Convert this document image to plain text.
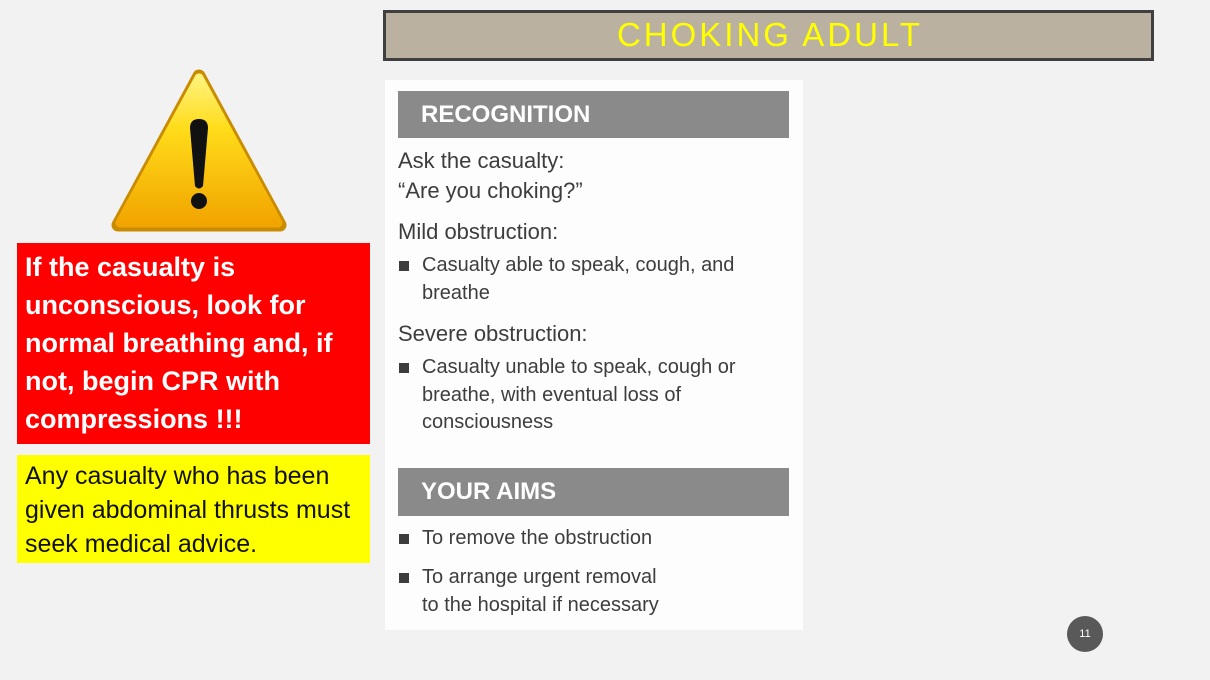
CHOKING ADULT
If the casualty is
unconscious, look for
normal breathing and, if
not, begin CPR with
compressions !!!
Any casualty who has been
given abdominal thrusts must
seek medical advice.
RECOGNITION
Ask the casualty:
“Are you choking?”
Mild obstruction:
Casualty able to speak, cough, and
breathe
Severe obstruction:
Casualty unable to speak, cough or
breathe, with eventual loss of
consciousness
YOUR AIMS
To remove the obstruction
To arrange urgent removal
to the hospital if necessary
11
